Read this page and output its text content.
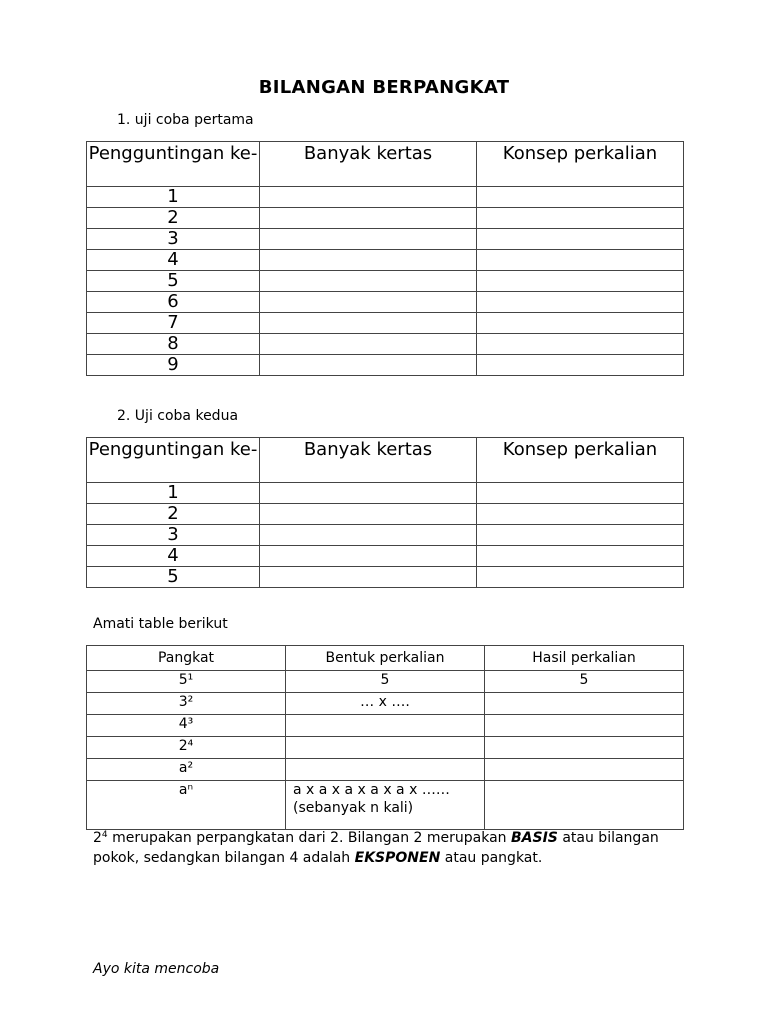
BILANGAN BERPANGKAT
1. uji coba pertama
Pengguntingan ke-	Banyak kertas	Konsep perkalian
1		
2		
3		
4		
5		
6		
7		
8		
9		
2. Uji coba kedua
Pengguntingan ke-	Banyak kertas	Konsep perkalian
1		
2		
3		
4		
5		
Amati table berikut
Pangkat	Bentuk perkalian	Hasil perkalian
5¹	5	5
3²	… x ….	
4³		
2⁴		
a²		
aⁿ	a x a x a x a x a x …… (sebanyak n kali)	
$2^4$ merupakan perpangkatan dari 2. Bilangan 2 merupakan BASIS atau bilangan pokok, sedangkan bilangan 4 adalah EKSPONEN atau pangkat.
Ayo kita mencoba
